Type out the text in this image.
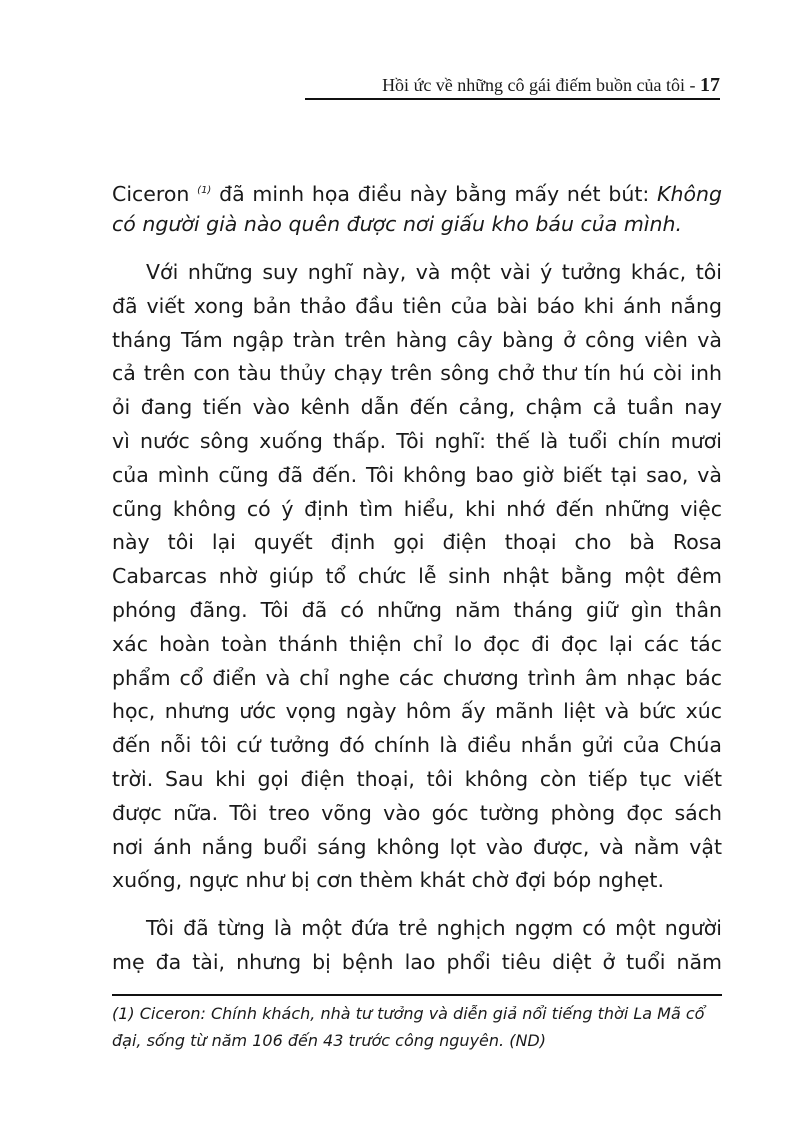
Hồi ức về những cô gái điếm buồn của tôi - 17
Ciceron $^{(1)}$ đã minh họa điều này bằng mấy nét bút: Không
có người già nào quên được nơi giấu kho báu của mình.
Với những suy nghĩ này, và một vài ý tưởng khác, tôi
đã viết xong bản thảo đầu tiên của bài báo khi ánh nắng
tháng Tám ngập tràn trên hàng cây bàng ở công viên và
cả trên con tàu thủy chạy trên sông chở thư tín hú còi inh
ỏi đang tiến vào kênh dẫn đến cảng, chậm cả tuần nay
vì nước sông xuống thấp. Tôi nghĩ: thế là tuổi chín mươi
của mình cũng đã đến. Tôi không bao giờ biết tại sao, và
cũng không có ý định tìm hiểu, khi nhớ đến những việc
này tôi lại quyết định gọi điện thoại cho bà Rosa
Cabarcas nhờ giúp tổ chức lễ sinh nhật bằng một đêm
phóng đãng. Tôi đã có những năm tháng giữ gìn thân
xác hoàn toàn thánh thiện chỉ lo đọc đi đọc lại các tác
phẩm cổ điển và chỉ nghe các chương trình âm nhạc bác
học, nhưng ước vọng ngày hôm ấy mãnh liệt và bức xúc
đến nỗi tôi cứ tưởng đó chính là điều nhắn gửi của Chúa
trời. Sau khi gọi điện thoại, tôi không còn tiếp tục viết
được nữa. Tôi treo võng vào góc tường phòng đọc sách
nơi ánh nắng buổi sáng không lọt vào được, và nằm vật
xuống, ngực như bị cơn thèm khát chờ đợi bóp nghẹt.
Tôi đã từng là một đứa trẻ nghịch ngợm có một người
mẹ đa tài, nhưng bị bệnh lao phổi tiêu diệt ở tuổi năm
(1) Ciceron: Chính khách, nhà tư tưởng và diễn giả nổi tiếng thời La Mã cổ
đại, sống từ năm 106 đến 43 trước công nguyên. (ND)
